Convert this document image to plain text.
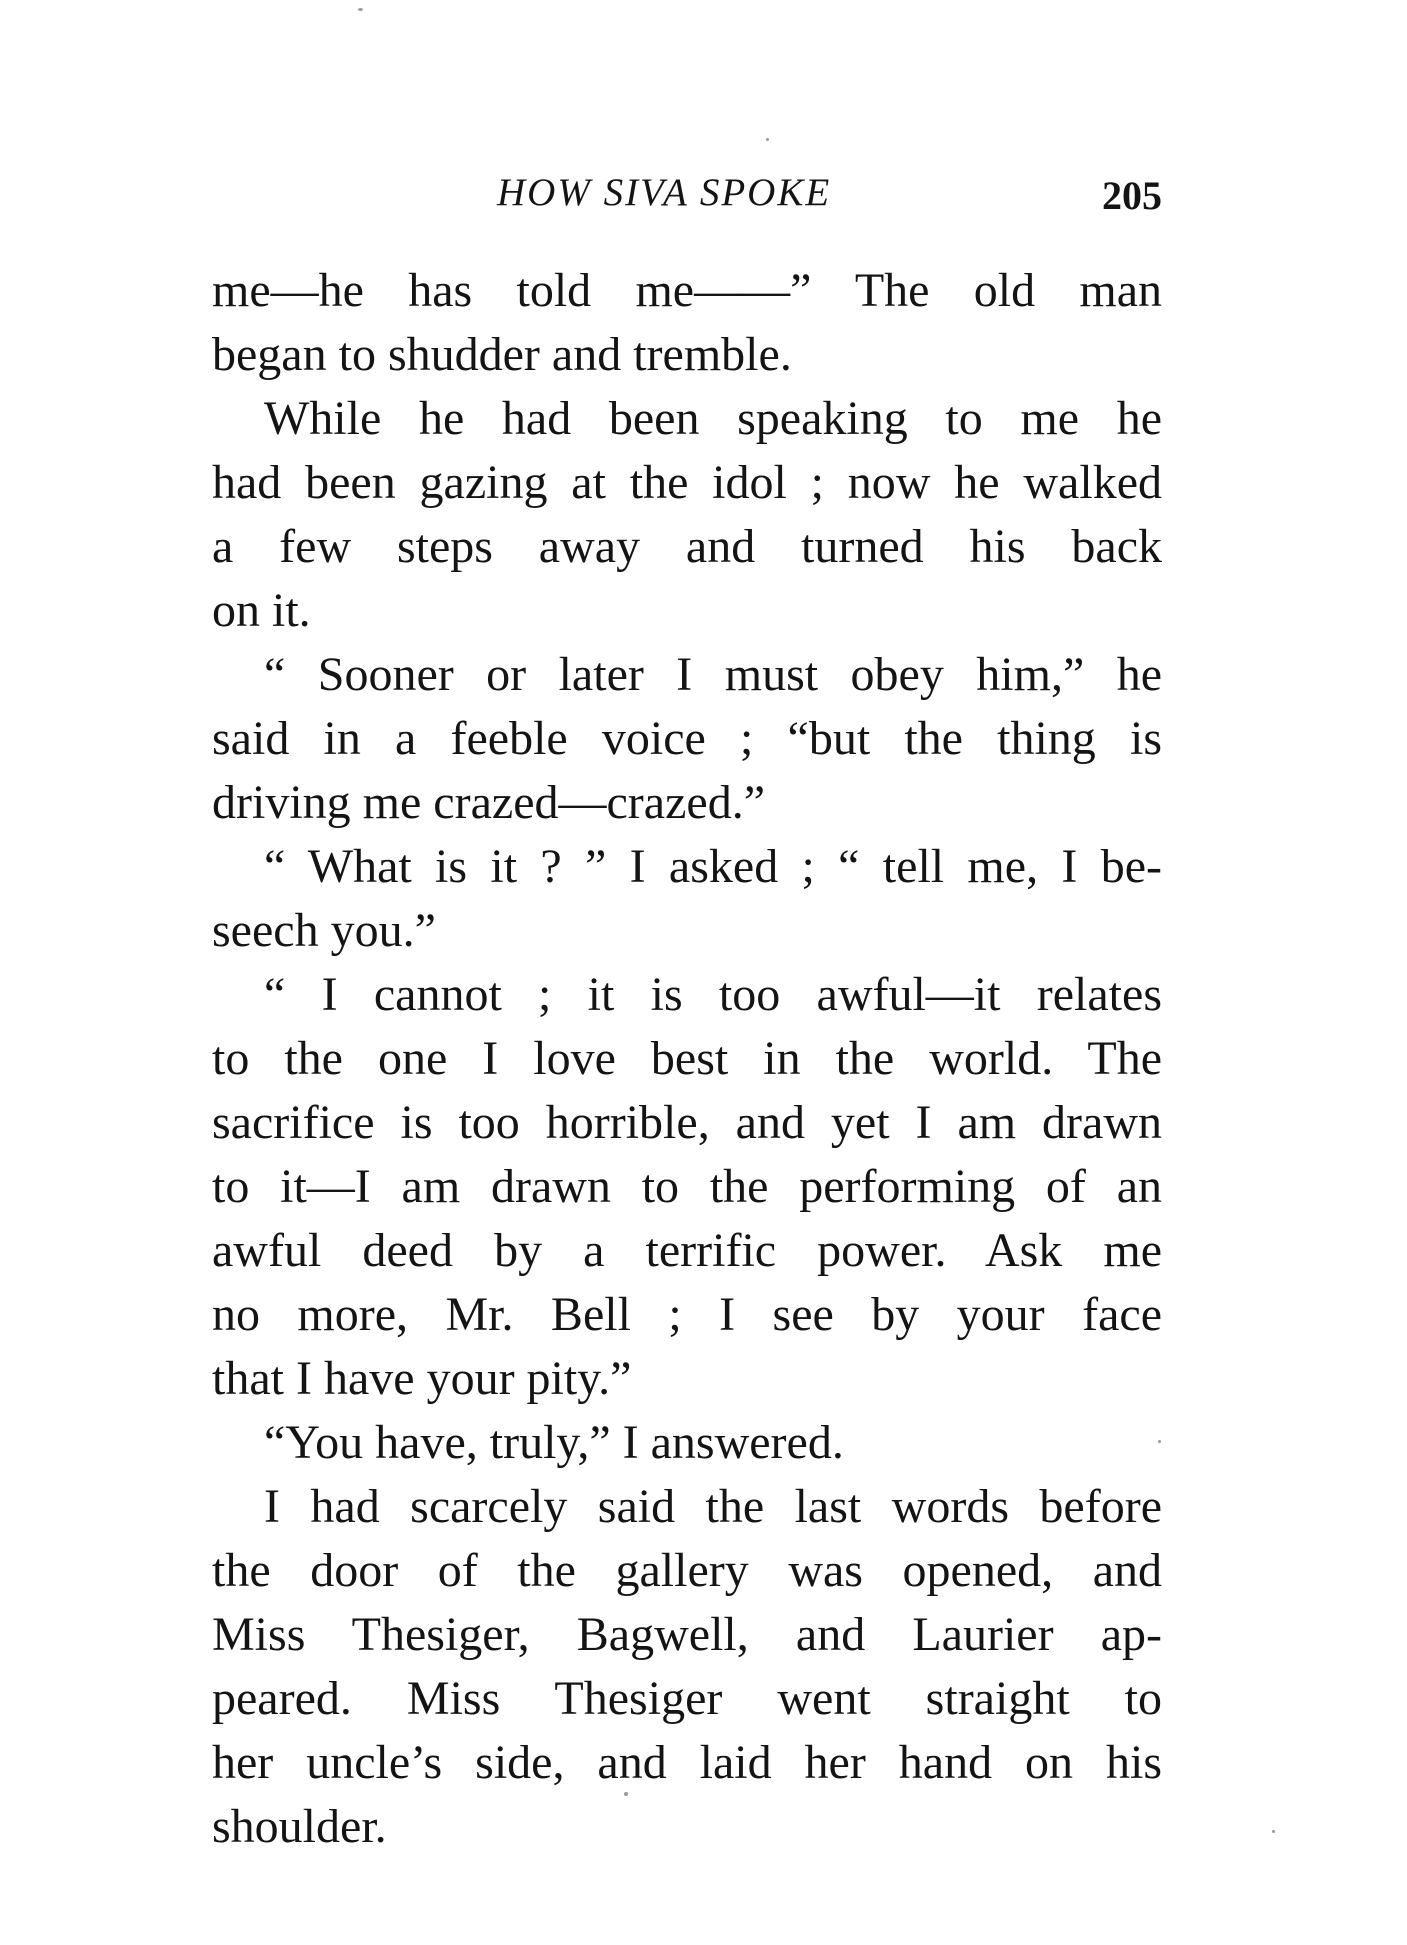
HOW SIVA SPOKE	205
me—he has told me——” The old man
began to shudder and tremble.
While he had been speaking to me he
had been gazing at the idol ; now he walked
a few steps away and turned his back
on it.
“ Sooner or later I must obey him,” he
said in a feeble voice ; “but the thing is
driving me crazed—crazed.”
“ What is it ? ” I asked ; “ tell me, I be-
seech you.”
“ I cannot ; it is too awful—it relates
to the one I love best in the world. The
sacrifice is too horrible, and yet I am drawn
to it—I am drawn to the performing of an
awful deed by a terrific power. Ask me
no more, Mr. Bell ; I see by your face
that I have your pity.”
“You have, truly,” I answered.
I had scarcely said the last words before
the door of the gallery was opened, and
Miss Thesiger, Bagwell, and Laurier ap-
peared. Miss Thesiger went straight to
her uncle’s side, and laid her hand on his
shoulder.
